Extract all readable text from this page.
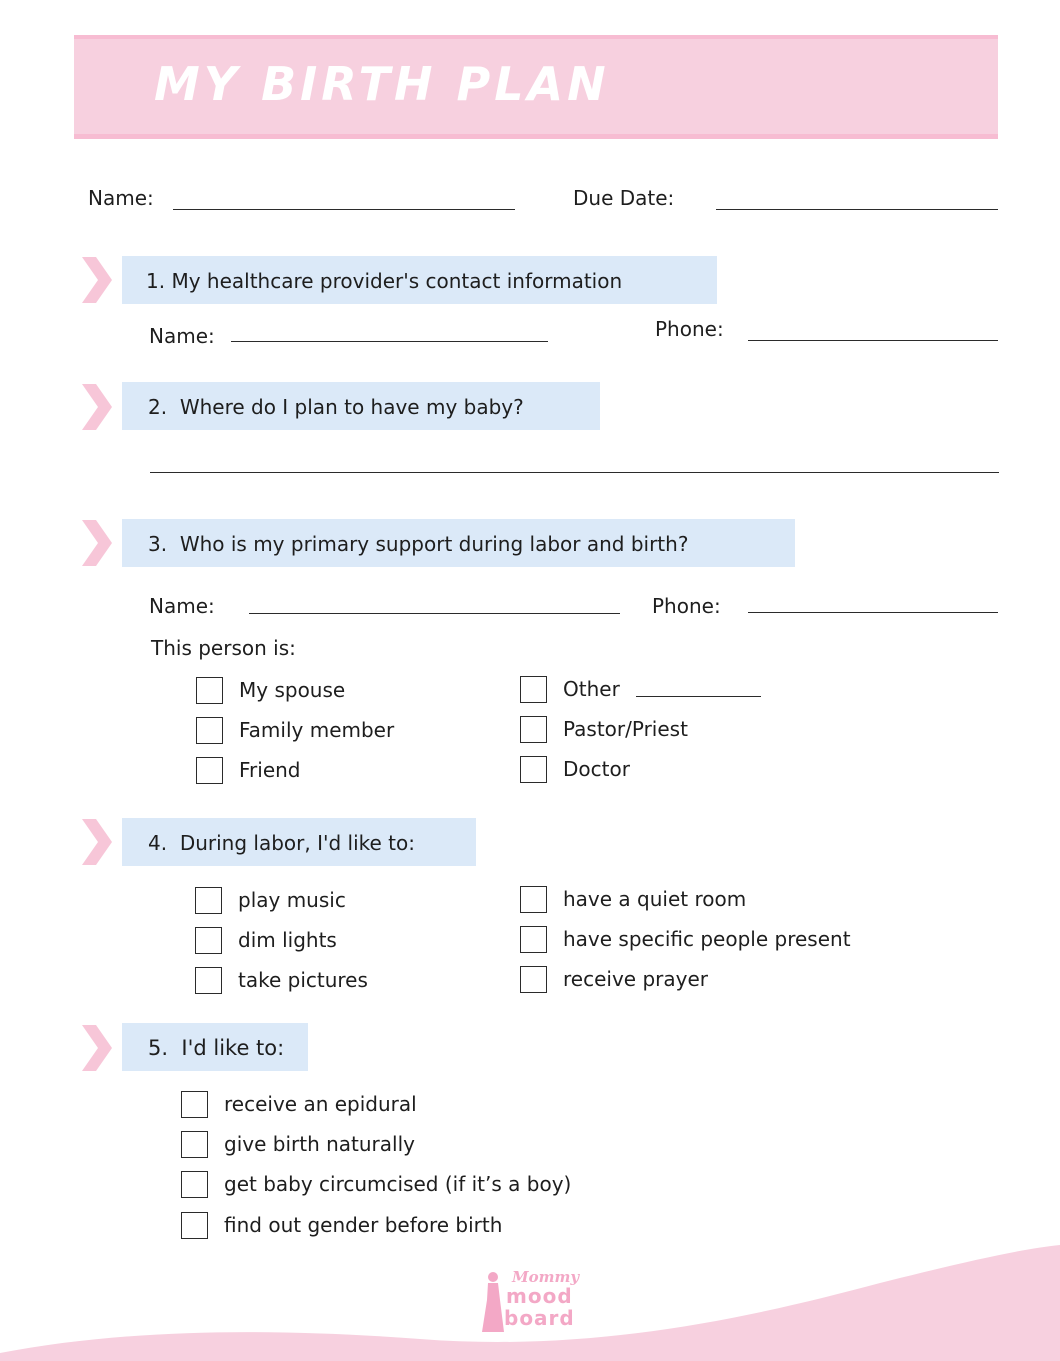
MY BIRTH PLAN
Name:	Due Date:
1. My healthcare provider's contact information
Name:	Phone:
2. Where do I plan to have my baby?
3. Who is my primary support during labor and birth?
Name:	Phone:
This person is:
My spouse
Family member
Friend
Other
Pastor/Priest
Doctor
4. During labor, I'd like to:
play music
dim lights
take pictures
have a quiet room
have specific people present
receive prayer
5. I'd like to:
receive an epidural
give birth naturally
get baby circumcised (if it’s a boy)
find out gender before birth
Mommy
mood
board
